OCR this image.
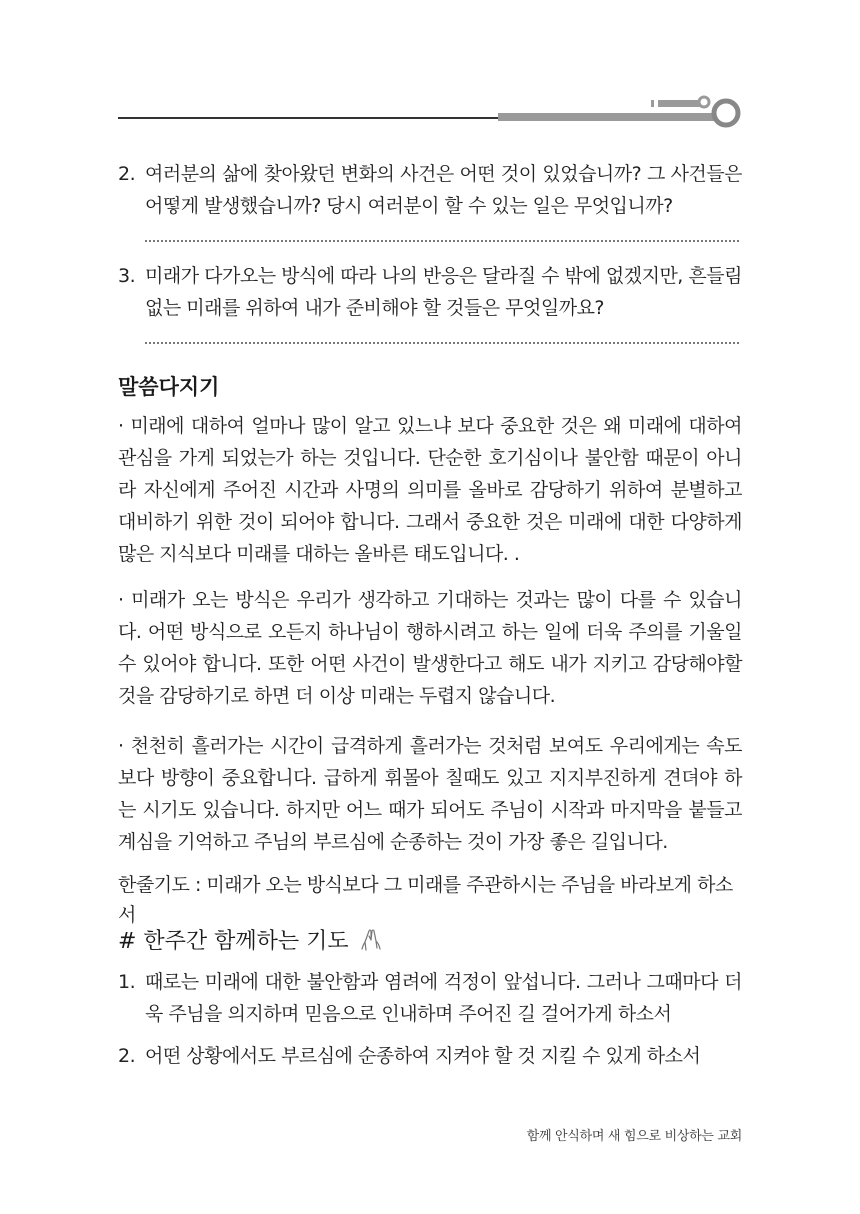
2. 여러분의 삶에 찾아왔던 변화의 사건은 어떤 것이 있었습니까? 그 사건들은 어떻게 발생했습니까? 당시 여러분이 할 수 있는 일은 무엇입니까?
3. 미래가 다가오는 방식에 따라 나의 반응은 달라질 수 밖에 없겠지만, 흔들림없는 미래를 위하여 내가 준비해야 할 것들은 무엇일까요?
말씀다지기
· 미래에 대하여 얼마나 많이 알고 있느냐 보다 중요한 것은 왜 미래에 대하여 관심을 가게 되었는가 하는 것입니다. 단순한 호기심이나 불안함 때문이 아니라 자신에게 주어진 시간과 사명의 의미를 올바로 감당하기 위하여 분별하고 대비하기 위한 것이 되어야 합니다. 그래서 중요한 것은 미래에 대한 다양하게 많은 지식보다 미래를 대하는 올바른 태도입니다. .
· 미래가 오는 방식은 우리가 생각하고 기대하는 것과는 많이 다를 수 있습니다. 어떤 방식으로 오든지 하나님이 행하시려고 하는 일에 더욱 주의를 기울일 수 있어야 합니다. 또한 어떤 사건이 발생한다고 해도 내가 지키고 감당해야할 것을 감당하기로 하면 더 이상 미래는 두렵지 않습니다.
· 천천히 흘러가는 시간이 급격하게 흘러가는 것처럼 보여도 우리에게는 속도보다 방향이 중요합니다. 급하게 휘몰아 칠때도 있고 지지부진하게 견뎌야 하는 시기도 있습니다. 하지만 어느 때가 되어도 주님이 시작과 마지막을 붙들고 계심을 기억하고 주님의 부르심에 순종하는 것이 가장 좋은 길입니다.
한줄기도 : 미래가 오는 방식보다 그 미래를 주관하시는 주님을 바라보게 하소서
# 한주간 함께하는 기도
1. 때로는 미래에 대한 불안함과 염려에 걱정이 앞섭니다. 그러나 그때마다 더욱 주님을 의지하며 믿음으로 인내하며 주어진 길 걸어가게 하소서
2. 어떤 상황에서도 부르심에 순종하여 지켜야 할 것 지킬 수 있게 하소서
함께 안식하며 새 힘으로 비상하는 교회
